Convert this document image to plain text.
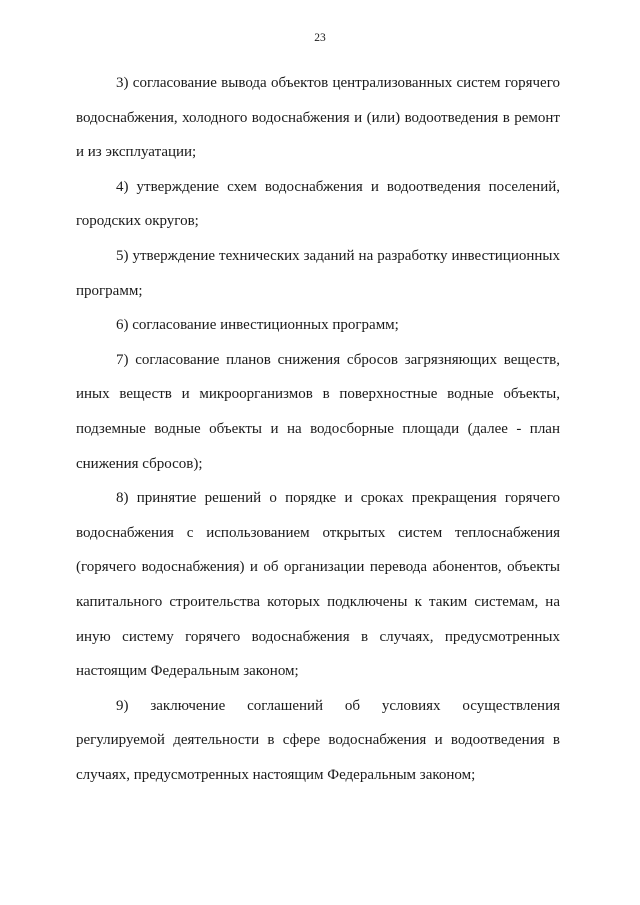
23

3) согласование вывода объектов централизованных систем горячего водоснабжения, холодного водоснабжения и (или) водоотведения в ремонт и из эксплуатации;

4) утверждение схем водоснабжения и водоотведения поселений, городских округов;

5) утверждение технических заданий на разработку инвестиционных программ;

6) согласование инвестиционных программ;

7) согласование планов снижения сбросов загрязняющих веществ, иных веществ и микроорганизмов в поверхностные водные объекты, подземные водные объекты и на водосборные площади (далее - план снижения сбросов);

8) принятие решений о порядке и сроках прекращения горячего водоснабжения с использованием открытых систем теплоснабжения (горячего водоснабжения) и об организации перевода абонентов, объекты капитального строительства которых подключены к таким системам, на иную систему горячего водоснабжения в случаях, предусмотренных настоящим Федеральным законом;

9) заключение соглашений об условиях осуществления регулируемой деятельности в сфере водоснабжения и водоотведения в случаях, предусмотренных настоящим Федеральным законом;
